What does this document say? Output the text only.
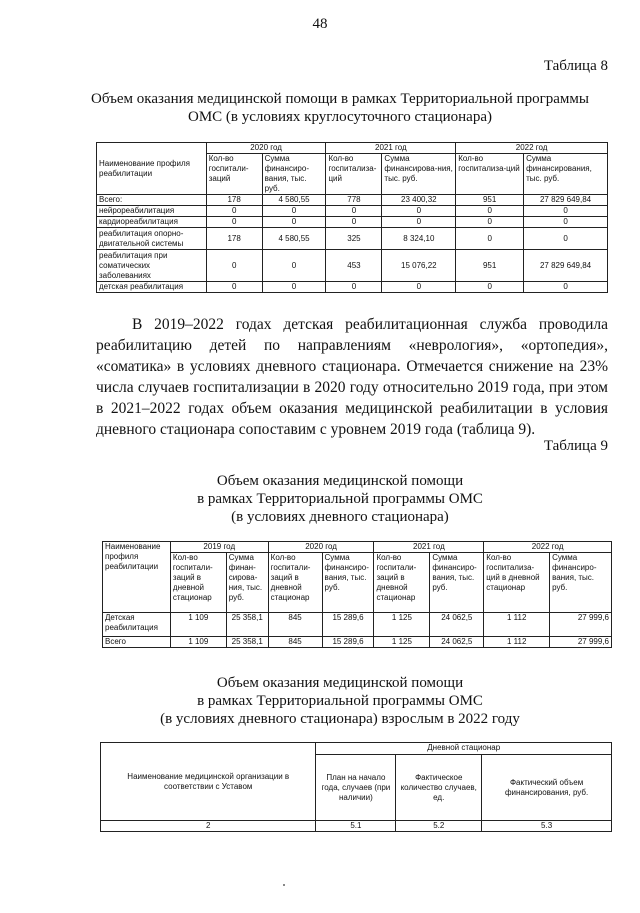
48
Таблица 8
Объем оказания медицинской помощи в рамках Территориальной программы
ОМС (в условиях круглосуточного стационара)
Наименование профиля реабилитации	2020 год		2021 год		2022 год	
	Кол-во госпитали-заций	Сумма финансиро-вания, тыс. руб.	Кол-во госпитализа-ций	Сумма финансирова-ния, тыс. руб.	Кол-во госпитализа-ций	Сумма финансирования, тыс. руб.
Всего:	178	4 580,55	778	23 400,32	951	27 829 649,84
нейрореабилитация	0	0	0	0	0	0
кардиореабилитация	0	0	0	0	0	0
реабилитация опорно-двигательной системы	178	4 580,55	325	8 324,10	0	0
реабилитация при соматических заболеваниях	0	0	453	15 076,22	951	27 829 649,84
детская реабилитация	0	0	0	0	0	0

В 2019–2022 годах детская реабилитационная служба проводила реабилитацию детей по направлениям «неврология», «ортопедия», «соматика» в условиях дневного стационара. Отмечается снижение на 23% числа случаев госпитализации в 2020 году относительно 2019 года, при этом в 2021–2022 годах объем оказания медицинской реабилитации в условия дневного стационара сопоставим с уровнем 2019 года (таблица 9).

Таблица 9
Объем оказания медицинской помощи
в рамках Территориальной программы ОМС
(в условиях дневного стационара)
Наименование профиля реабилитации	2019 год		2020 год		2021 год		2022 год	
	Кол-во госпитали-заций в дневной стационар	Сумма финан-сирова-ния, тыс. руб.	Кол-во госпитали-заций в дневной стационар	Сумма финансиро-вания, тыс. руб.	Кол-во госпитали-заций в дневной стационар	Сумма финансиро-вания, тыс. руб.	Кол-во госпитализа-ций в дневной стационар	Сумма финансиро-вания, тыс. руб.
Детская реабилитация	1 109	25 358,1	845	15 289,6	1 125	24 062,5	1 112	27 999,6
Всего	1 109	25 358,1	845	15 289,6	1 125	24 062,5	1 112	27 999,6
Объем оказания медицинской помощи
в рамках Территориальной программы ОМС
(в условиях дневного стационара) взрослым в 2022 году
Наименование медицинской организации в соответствии с Уставом	Дневной стационар		
	План на начало года, случаев (при наличии)	Фактическое количество случаев, ед.	Фактический объем финансирования, руб.
2	5.1	5.2	5.3
